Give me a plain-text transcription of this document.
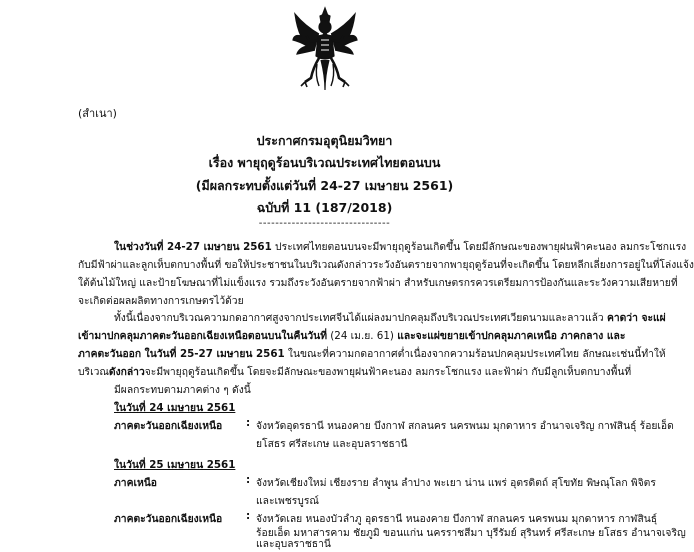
(สำเนา)
ประกาศกรมอุตุนิยมวิทยา
เรื่อง พายุฤดูร้อนบริเวณประเทศไทยตอนบน
(มีผลกระทบตั้งแต่วันที่ 24-27 เมษายน 2561)
ฉบับที่ 11 (187/2018)
--------------------------------
ในช่วงวันที่ 24-27 เมษายน 2561 ประเทศไทยตอนบนจะมีพายุฤดูร้อนเกิดขึ้น โดยมีลักษณะของพายุฝนฟ้าคะนอง ลมกระโชกแรง
กับมีฟ้าผ่าและลูกเห็บตกบางพื้นที่ ขอให้ประชาชนในบริเวณดังกล่าวระวังอันตรายจากพายุฤดูร้อนที่จะเกิดขึ้น โดยหลีกเลี่ยงการอยู่ในที่โล่งแจ้ง
ใต้ต้นไม้ใหญ่ และป้ายโฆษณาที่ไม่แข็งแรง รวมถึงระวังอันตรายจากฟ้าผ่า สำหรับเกษตรกรควรเตรียมการป้องกันและระวังความเสียหายที่
จะเกิดต่อผลผลิตทางการเกษตรไว้ด้วย
ทั้งนี้เนื่องจากบริเวณความกดอากาศสูงจากประเทศจีนได้แผ่ลงมาปกคลุมถึงบริเวณประเทศเวียดนามและลาวแล้ว คาดว่า จะแผ่
เข้ามาปกคลุมภาคตะวันออกเฉียงเหนือตอนบนในคืนวันที่ (24 เม.ย. 61) และจะแผ่ขยายเข้าปกคลุมภาคเหนือ ภาคกลาง และ
ภาคตะวันออก ในวันที่ 25-27 เมษายน 2561 ในขณะที่ความกดอากาศต่ำเนื่องจากความร้อนปกคลุมประเทศไทย ลักษณะเช่นนี้ทำให้
บริเวณดังกล่าวจะมีพายุฤดูร้อนเกิดขึ้น โดยจะมีลักษณะของพายุฝนฟ้าคะนอง ลมกระโชกแรง และฟ้าผ่า กับมีลูกเห็บตกบางพื้นที่
มีผลกระทบตามภาคต่าง ๆ ดังนี้
ในวันที่ 24 เมษายน 2561
ภาคตะวันออกเฉียงเหนือ : จังหวัดอุดรธานี หนองคาย บึงกาฬ สกลนคร นครพนม มุกดาหาร อำนาจเจริญ กาฬสินธุ์ ร้อยเอ็ด
ยโสธร ศรีสะเกษ และอุบลราชธานี
ในวันที่ 25 เมษายน 2561
ภาคเหนือ	: จังหวัดเชียงใหม่ เชียงราย ลำพูน ลำปาง พะเยา น่าน แพร่ อุตรดิตถ์ สุโขทัย พิษณุโลก พิจิตร
และเพชรบูรณ์
ภาคตะวันออกเฉียงเหนือ : จังหวัดเลย หนองบัวลำภู อุดรธานี หนองคาย บึงกาฬ สกลนคร นครพนม มุกดาหาร กาฬสินธุ์
ร้อยเอ็ด มหาสารคาม ชัยภูมิ ขอนแก่น นครราชสีมา บุรีรัมย์ สุรินทร์ ศรีสะเกษ ยโสธร อำนาจเจริญ
และอุบลราชธานี
